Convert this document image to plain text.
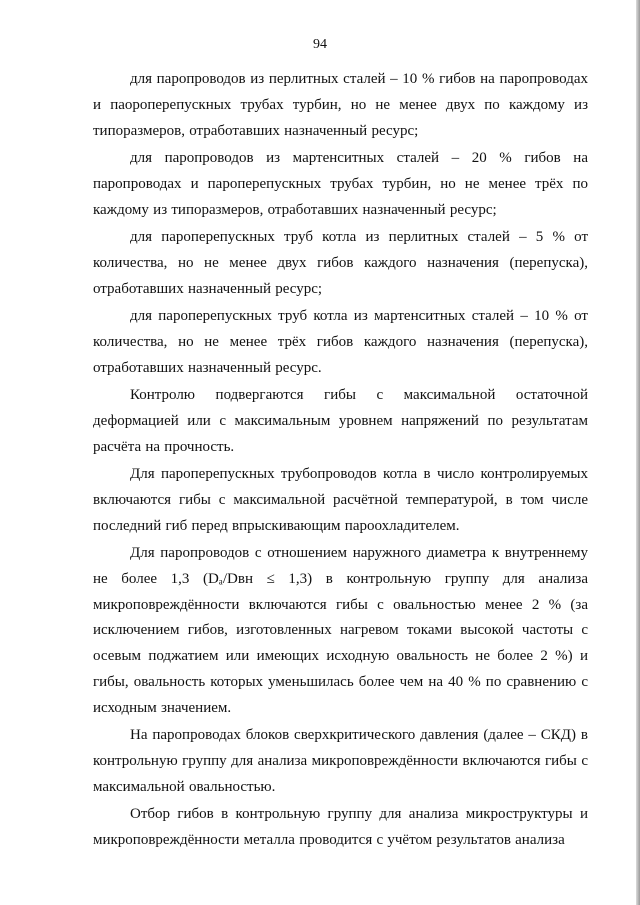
94

для паропроводов из перлитных сталей – 10 % гибов на паропроводах и паороперепускных трубах турбин, но не менее двух по каждому из типоразмеров, отработавших назначенный ресурс;

для паропроводов из мартенситных сталей – 20 % гибов на паропроводах и пароперепускных трубах турбин, но не менее трёх по каждому из типоразмеров, отработавших назначенный ресурс;

для пароперепускных труб котла из перлитных сталей – 5 % от количества, но не менее двух гибов каждого назначения (перепуска), отработавших назначенный ресурс;

для пароперепускных труб котла из мартенситных сталей – 10 % от количества, но не менее трёх гибов каждого назначения (перепуска), отработавших назначенный ресурс.

Контролю подвергаются гибы с максимальной остаточной деформацией или с максимальным уровнем напряжений по результатам расчёта на прочность.

Для пароперепускных трубопроводов котла в число контролируемых включаются гибы с максимальной расчётной температурой, в том числе последний гиб перед впрыскивающим пароохладителем.

Для паропроводов с отношением наружного диаметра к внутреннему не более 1,3 (Dₐ/Dвн ≤ 1,3) в контрольную группу для анализа микроповреждённости включаются гибы с овальностью менее 2 % (за исключением гибов, изготовленных нагревом токами высокой частоты с осевым поджатием или имеющих исходную овальность не более 2 %) и гибы, овальность которых уменьшилась более чем на 40 % по сравнению с исходным значением.

На паропроводах блоков сверхкритического давления (далее – СКД) в контрольную группу для анализа микроповреждённости включаются гибы с максимальной овальностью.

Отбор гибов в контрольную группу для анализа микроструктуры и микроповреждённости металла проводится с учётом результатов анализа
